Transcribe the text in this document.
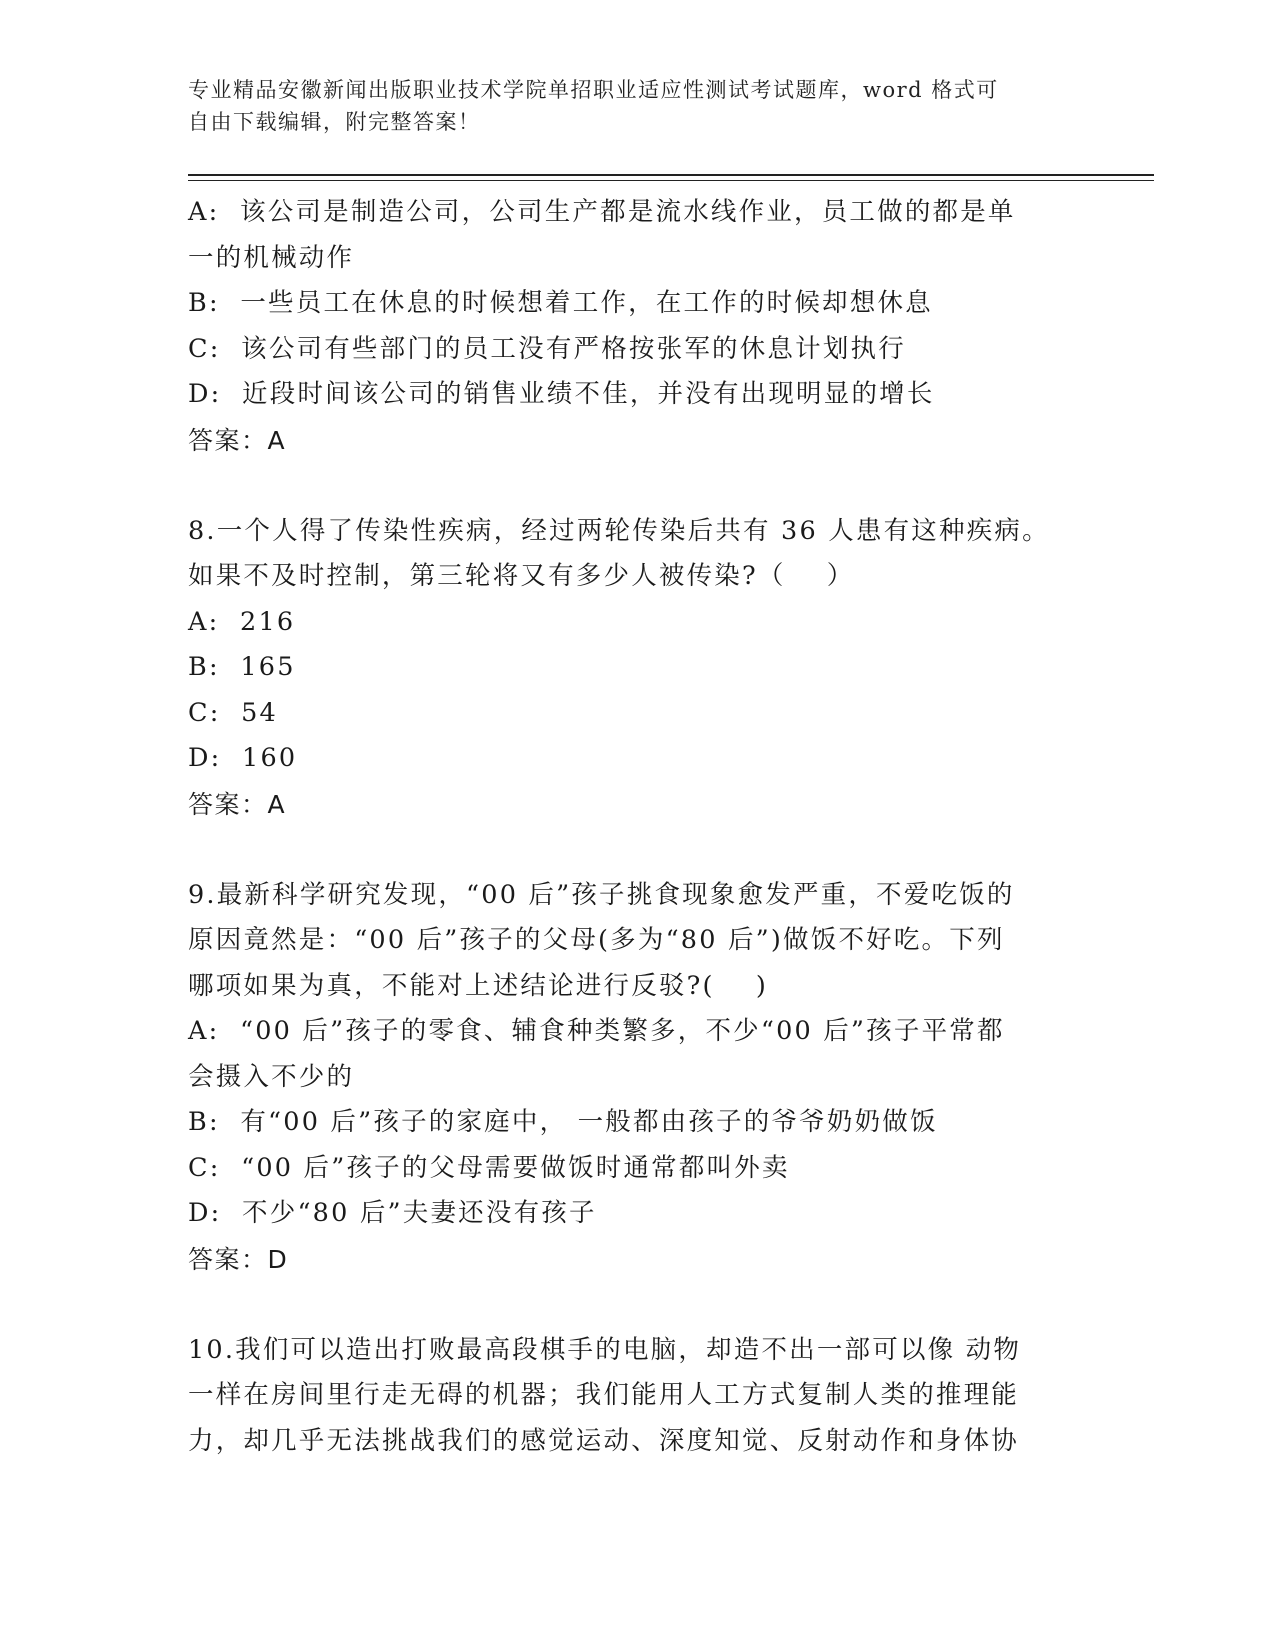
专业精品安徽新闻出版职业技术学院单招职业适应性测试考试题库，word 格式可
自由下载编辑，附完整答案！

A:  该公司是制造公司，公司生产都是流水线作业，员工做的都是单

一的机械动作

B:  一些员工在休息的时候想着工作，在工作的时候却想休息

C:  该公司有些部门的员工没有严格按张军的休息计划执行

D:  近段时间该公司的销售业绩不佳，并没有出现明显的增长

答案：A

8.一个人得了传染性疾病，经过两轮传染后共有 36 人患有这种疾病。

如果不及时控制，第三轮将又有多少人被传染?（    ）

A:  216

B:  165

C:  54

D:  160

答案：A

9.最新科学研究发现，“00 后”孩子挑食现象愈发严重，不爱吃饭的

原因竟然是：“00 后”孩子的父母(多为“80 后”)做饭不好吃。下列

哪项如果为真，不能对上述结论进行反驳?(    )

A:  “00 后”孩子的零食、辅食种类繁多，不少“00 后”孩子平常都

会摄入不少的

B:  有“00 后”孩子的家庭中， 一般都由孩子的爷爷奶奶做饭

C:  “00 后”孩子的父母需要做饭时通常都叫外卖

D:  不少“80 后”夫妻还没有孩子

答案：D

10.我们可以造出打败最高段棋手的电脑，却造不出一部可以像 动物

一样在房间里行走无碍的机器；我们能用人工方式复制人类的推理能

力，却几乎无法挑战我们的感觉运动、深度知觉、反射动作和身体协
